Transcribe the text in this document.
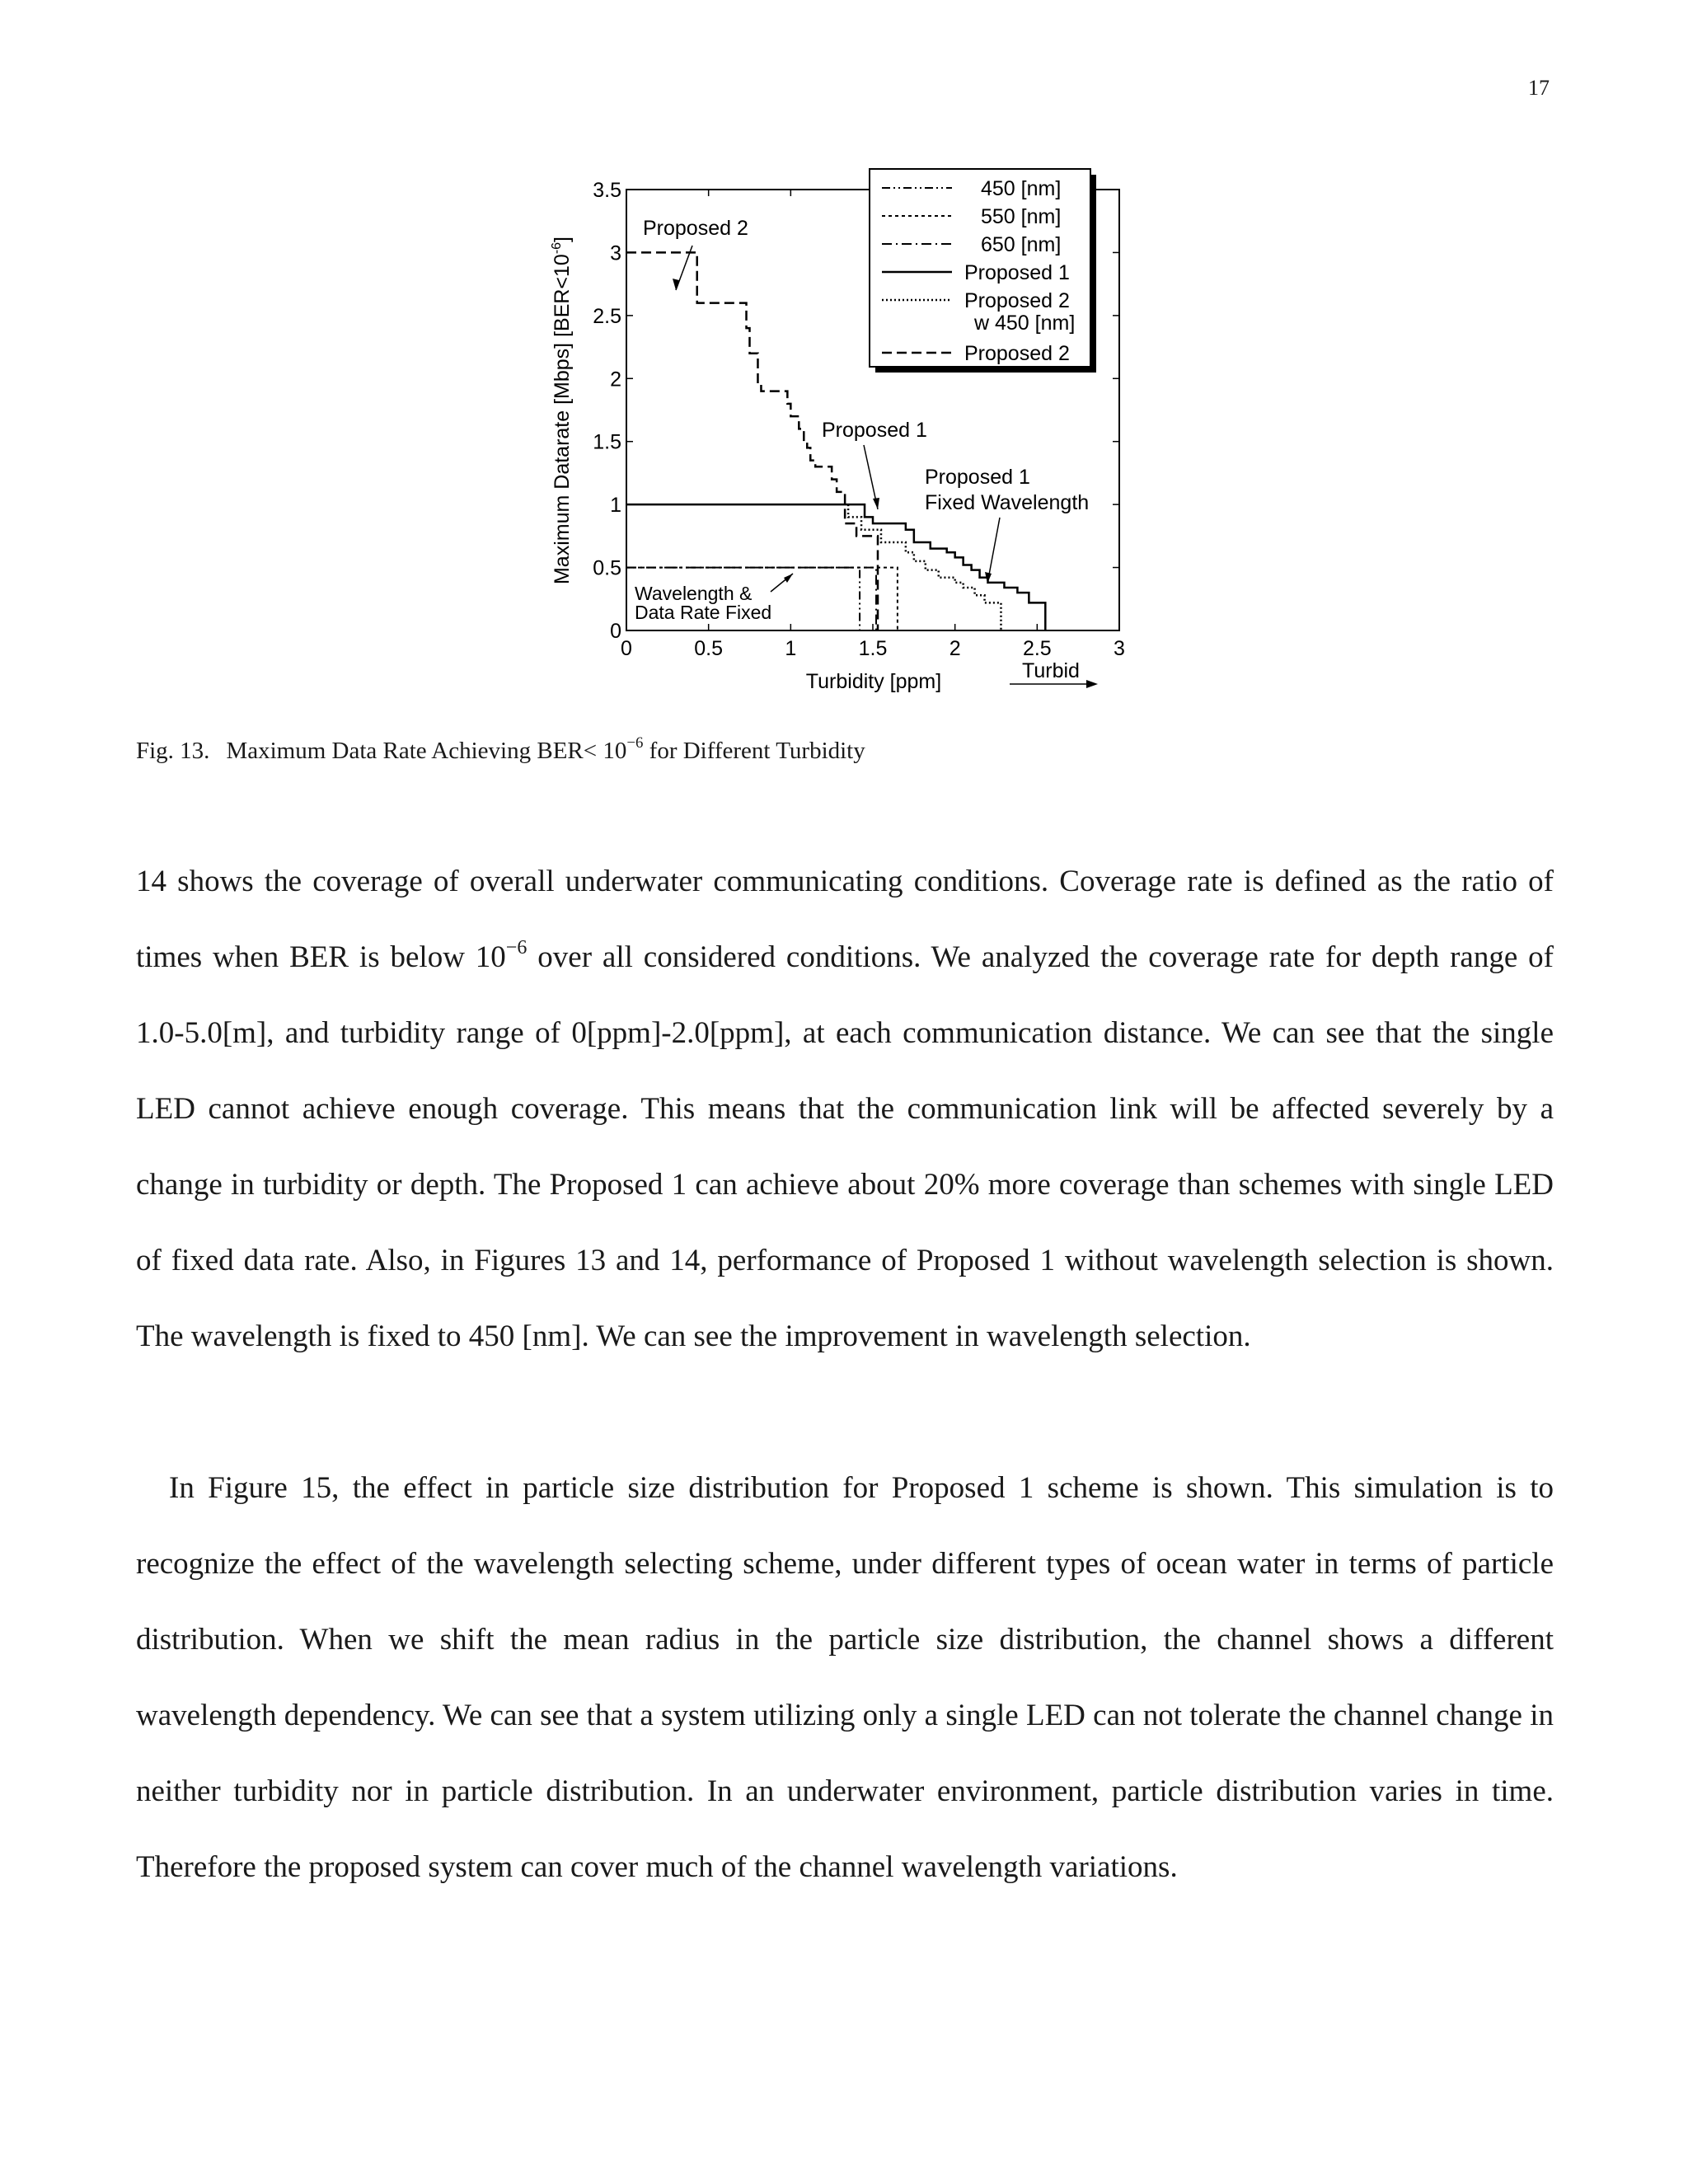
17
0	0.5	1	1.5	2	2.5	3
0
0.5
1
1.5
2
2.5
3
3.5
Turbidity [ppm]
Maximum Datarate [Mbps] $[BER<10^{-6}]$	Proposed 2
Proposed 1
Proposed 1
Fixed Wavelength
Wavelength &
Data Rate Fixed
Turbid
450 [nm]
550 [nm]
650 [nm]
Proposed 1
Proposed 2
w 450 [nm]
Proposed 2
Fig. 13. Maximum Data Rate Achieving $BER< 10^{-6}$ for Different Turbidity

14 shows the coverage of overall underwater communicating conditions. Coverage rate is defined as the ratio of times when BER is below $10^{-6}$ over all considered conditions. We analyzed the coverage rate for depth range of 1.0-5.0[m], and turbidity range of 0[ppm]-2.0[ppm], at each communication distance. We can see that the single LED cannot achieve enough coverage. This means that the communication link will be affected severely by a change in turbidity or depth. The Proposed 1 can achieve about 20% more coverage than schemes with single LED of fixed data rate. Also, in Figures 13 and 14, performance of Proposed 1 without wavelength selection is shown. The wavelength is fixed to 450 [nm]. We can see the improvement in wavelength selection.

In Figure 15, the effect in particle size distribution for Proposed 1 scheme is shown. This simulation is to recognize the effect of the wavelength selecting scheme, under different types of ocean water in terms of particle distribution. When we shift the mean radius in the particle size distribution, the channel shows a different wavelength dependency. We can see that a system utilizing only a single LED can not tolerate the channel change in neither turbidity nor in particle distribution. In an underwater environment, particle distribution varies in time. Therefore the proposed system can cover much of the channel wavelength variations.
